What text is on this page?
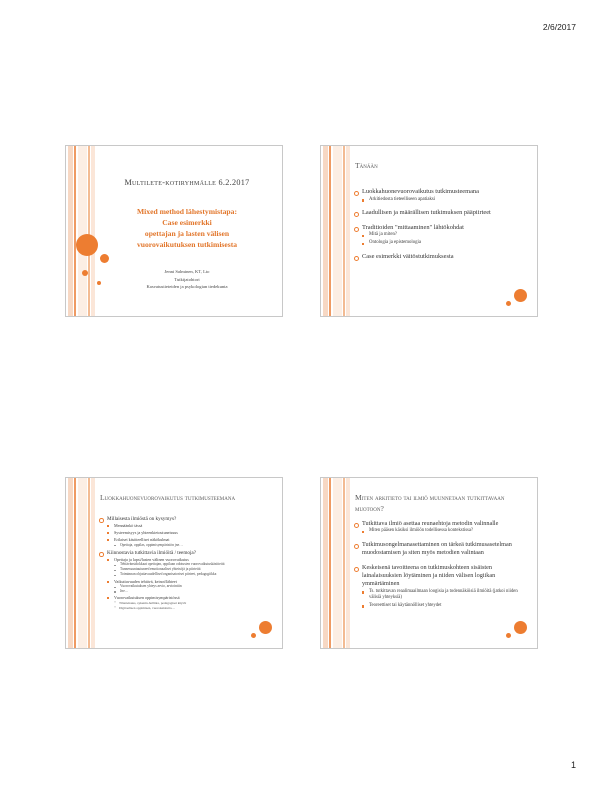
2/6/2017
Multilete-kotiryhmälle 6.2.2017
Mixed method lähestymistapa:
Case esimerkki
opettajan ja lasten välisen
vuorovaikutuksen tutkimisesta
Jenni Salminen, KT, Lto
Tutkijatohtori
Kasvatustieteiden ja psykologian tiedekunta
Tänään
Luokkahuonevuorovaikutus tutkimusteemana
Arkitiedosta tieteelliseen apatiaksi
Laadullisen ja määrällisen tutkimuksen pääpiirteet
Traditioiden "mittaaminen" lähtökohdat
Mitä ja miten?
Ontologia ja epistemologia
Case esimerkki väitöstutkimuksesta
Luokkahuonevuorovaikutus tutkimusteemana
Millaisesta ilmiöstä on kysymys?
Mennäänkö tässä
Systeemisyys ja yhteenkietoutuneisuus
Erilaiset käsitteelliset näkökulmat
Opettaja, oppilas, oppimisympäristön jne…
Kiinnostavia tutkittavia ilmiöitä / teemoja?
Opettaja ja lapsi/lasten välinen vuorovaikutus
Tehtävänsidokkaat opettajan, oppilaan odotusten vuorovaikutuskäsitteitä
Tunnesuuntautuneet/emotionaaliset yhteisöjä ja piirteitä
Toiminnan ohjattavuudelliset/organisatoriset piirteet, pedagogiikka
Vaikuttavuuden tehtävä, keinot/lähteet
Vuorovaikutuksen yhteys arvio, arviointiin
Jne…
Vuorovaikutuksen oppimisympäristössä
„ Tilanteisuus, sykenin-hallinta, pedagogiset käytöt
„ Digitaalisen oppimisen, vuorokaistutta…
Miten arkitieto tai ilmiö muunnetaan tutkittavaan muotoon?
Tutkittava ilmiö asettaa reunaehtoja metodin valinnalle
Miten pääsen käsiksi ilmiöön todellisessa kontekstissa?
Tutkimusongelmanasettaminen on tärkeä tutkimusasetelman muodostamisen ja siten myös metodien valintaan
Keskeisenä tavoitteena on tutkimuskohteen sisäisten lainalaisuuksien löytäminen ja niiden välisen logiikan ymmärtäminen
Ts. tutkittavan reaalimaailmaan loogisia ja todennäköisiä ilmiöitä (jatkoi niiden välisiä yhteyksiä)
Teoreettiset tai käytännölliset yhteydet
1
